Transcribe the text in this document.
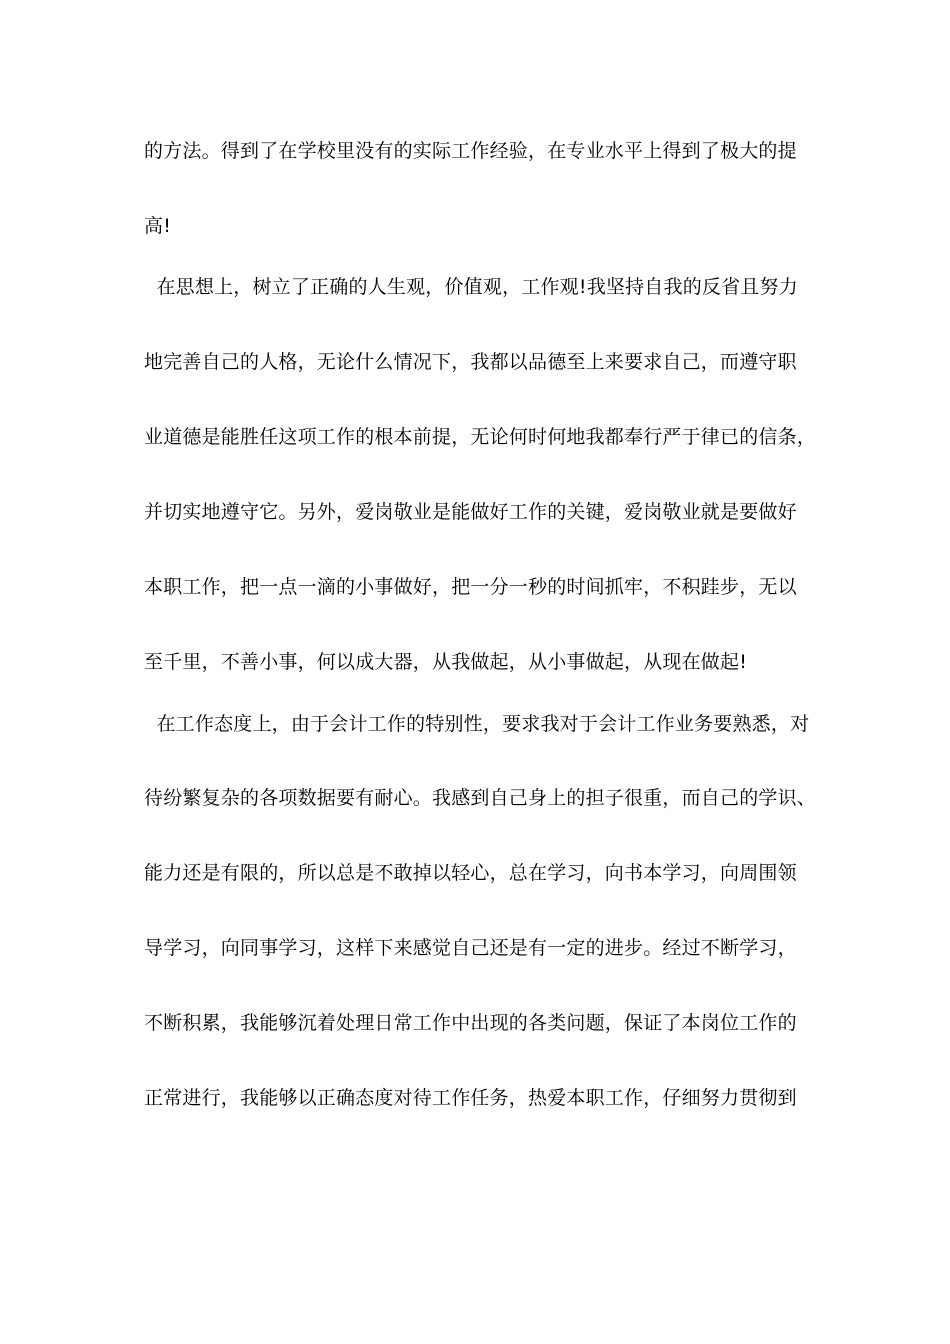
的方法。得到了在学校里没有的实际工作经验，在专业水平上得到了极大的提
高!
在思想上，树立了正确的人生观，价值观，工作观!我坚持自我的反省且努力
地完善自己的人格，无论什么情况下，我都以品德至上来要求自己，而遵守职
业道德是能胜任这项工作的根本前提，无论何时何地我都奉行严于律已的信条，
并切实地遵守它。另外，爱岗敬业是能做好工作的关键，爱岗敬业就是要做好
本职工作，把一点一滴的小事做好，把一分一秒的时间抓牢，不积跬步，无以
至千里，不善小事，何以成大器，从我做起，从小事做起，从现在做起!
在工作态度上，由于会计工作的特别性，要求我对于会计工作业务要熟悉，对
待纷繁复杂的各项数据要有耐心。我感到自己身上的担子很重，而自己的学识、
能力还是有限的，所以总是不敢掉以轻心，总在学习，向书本学习，向周围领
导学习，向同事学习，这样下来感觉自己还是有一定的进步。经过不断学习，
不断积累，我能够沉着处理日常工作中出现的各类问题，保证了本岗位工作的
正常进行，我能够以正确态度对待工作任务，热爱本职工作，仔细努力贯彻到
